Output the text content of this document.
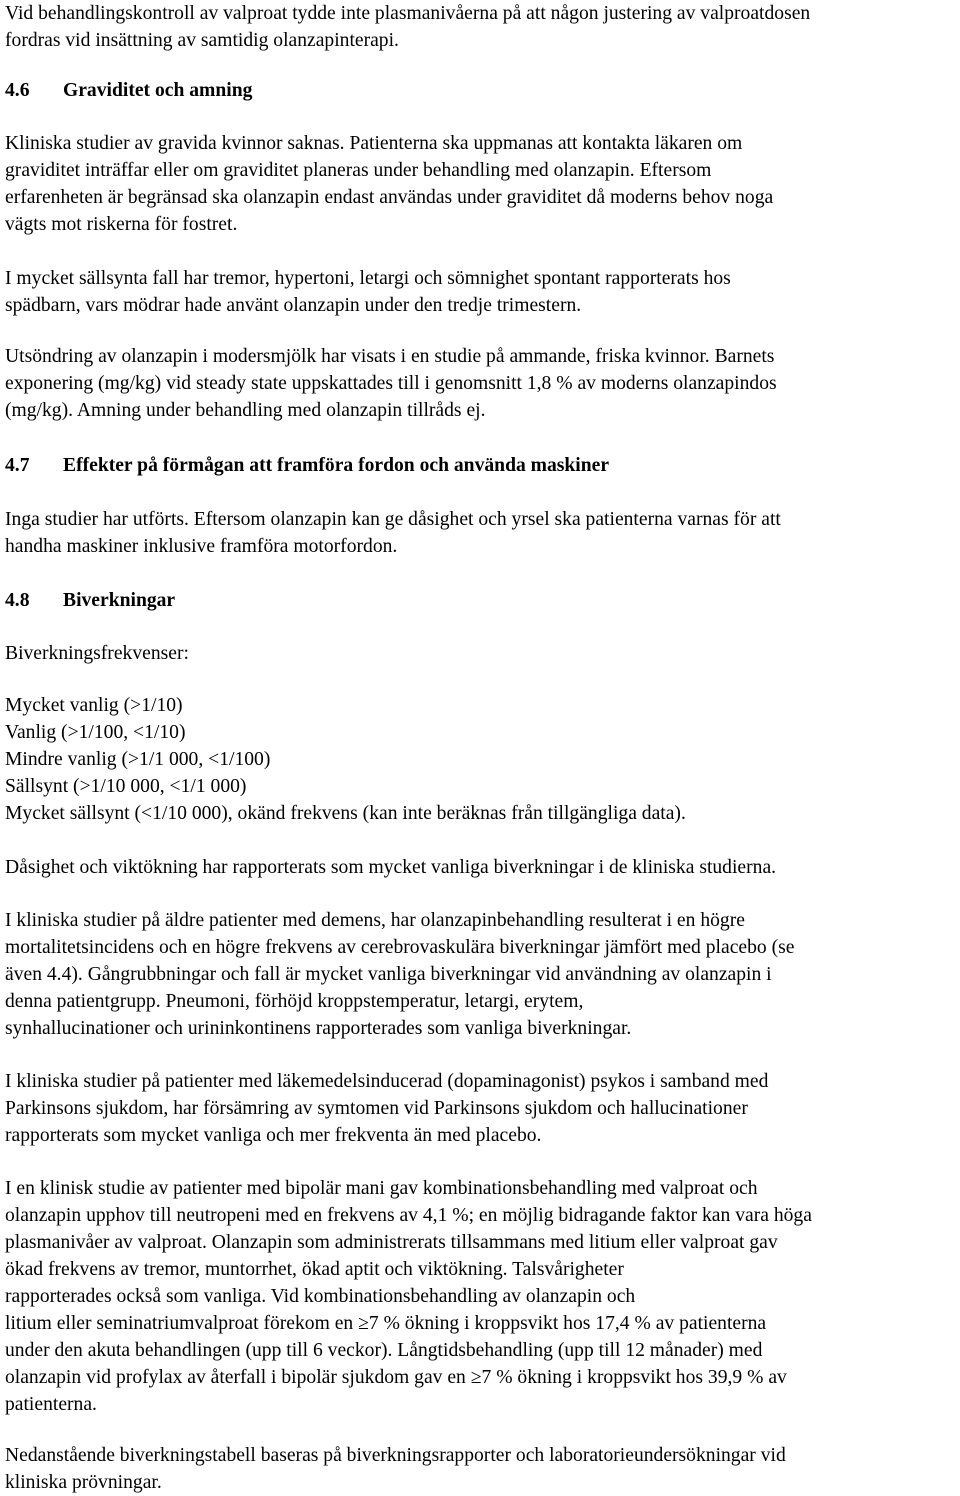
Vid behandlingskontroll av valproat tydde inte plasmanivåerna på att någon justering av valproatdosen
fordras vid insättning av samtidig olanzapinterapi.
4.6 Graviditet och amning
Kliniska studier av gravida kvinnor saknas. Patienterna ska uppmanas att kontakta läkaren om
graviditet inträffar eller om graviditet planeras under behandling med olanzapin. Eftersom
erfarenheten är begränsad ska olanzapin endast användas under graviditet då moderns behov noga
vägts mot riskerna för fostret.
I mycket sällsynta fall har tremor, hypertoni, letargi och sömnighet spontant rapporterats hos
spädbarn, vars mödrar hade använt olanzapin under den tredje trimestern.
Utsöndring av olanzapin i modersmjölk har visats i en studie på ammande, friska kvinnor. Barnets
exponering (mg/kg) vid steady state uppskattades till i genomsnitt 1,8 % av moderns olanzapindos
(mg/kg). Amning under behandling med olanzapin tillråds ej.
4.7 Effekter på förmågan att framföra fordon och använda maskiner
Inga studier har utförts. Eftersom olanzapin kan ge dåsighet och yrsel ska patienterna varnas för att
handha maskiner inklusive framföra motorfordon.
4.8 Biverkningar
Biverkningsfrekvenser:
Mycket vanlig (>1/10)
Vanlig (>1/100, <1/10)
Mindre vanlig (>1/1 000, <1/100)
Sällsynt (>1/10 000, <1/1 000)
Mycket sällsynt (<1/10 000), okänd frekvens (kan inte beräknas från tillgängliga data).
Dåsighet och viktökning har rapporterats som mycket vanliga biverkningar i de kliniska studierna.
I kliniska studier på äldre patienter med demens, har olanzapinbehandling resulterat i en högre
mortalitetsincidens och en högre frekvens av cerebrovaskulära biverkningar jämfört med placebo (se
även 4.4). Gångrubbningar och fall är mycket vanliga biverkningar vid användning av olanzapin i
denna patientgrupp. Pneumoni, förhöjd kroppstemperatur, letargi, erytem,
synhallucinationer och urininkontinens rapporterades som vanliga biverkningar.
I kliniska studier på patienter med läkemedelsinducerad (dopaminagonist) psykos i samband med
Parkinsons sjukdom, har försämring av symtomen vid Parkinsons sjukdom och hallucinationer
rapporterats som mycket vanliga och mer frekventa än med placebo.
I en klinisk studie av patienter med bipolär mani gav kombinationsbehandling med valproat och
olanzapin upphov till neutropeni med en frekvens av 4,1 %; en möjlig bidragande faktor kan vara höga
plasmanivåer av valproat. Olanzapin som administrerats tillsammans med litium eller valproat gav
ökad frekvens av tremor, muntorrhet, ökad aptit och viktökning. Talsvårigheter
rapporterades också som vanliga. Vid kombinationsbehandling av olanzapin och
litium eller seminatriumvalproat förekom en ≥7 % ökning i kroppsvikt hos 17,4 % av patienterna
under den akuta behandlingen (upp till 6 veckor). Långtidsbehandling (upp till 12 månader) med
olanzapin vid profylax av återfall i bipolär sjukdom gav en ≥7 % ökning i kroppsvikt hos 39,9 % av
patienterna.
Nedanstående biverkningstabell baseras på biverkningsrapporter och laboratorieundersökningar vid
kliniska prövningar.
